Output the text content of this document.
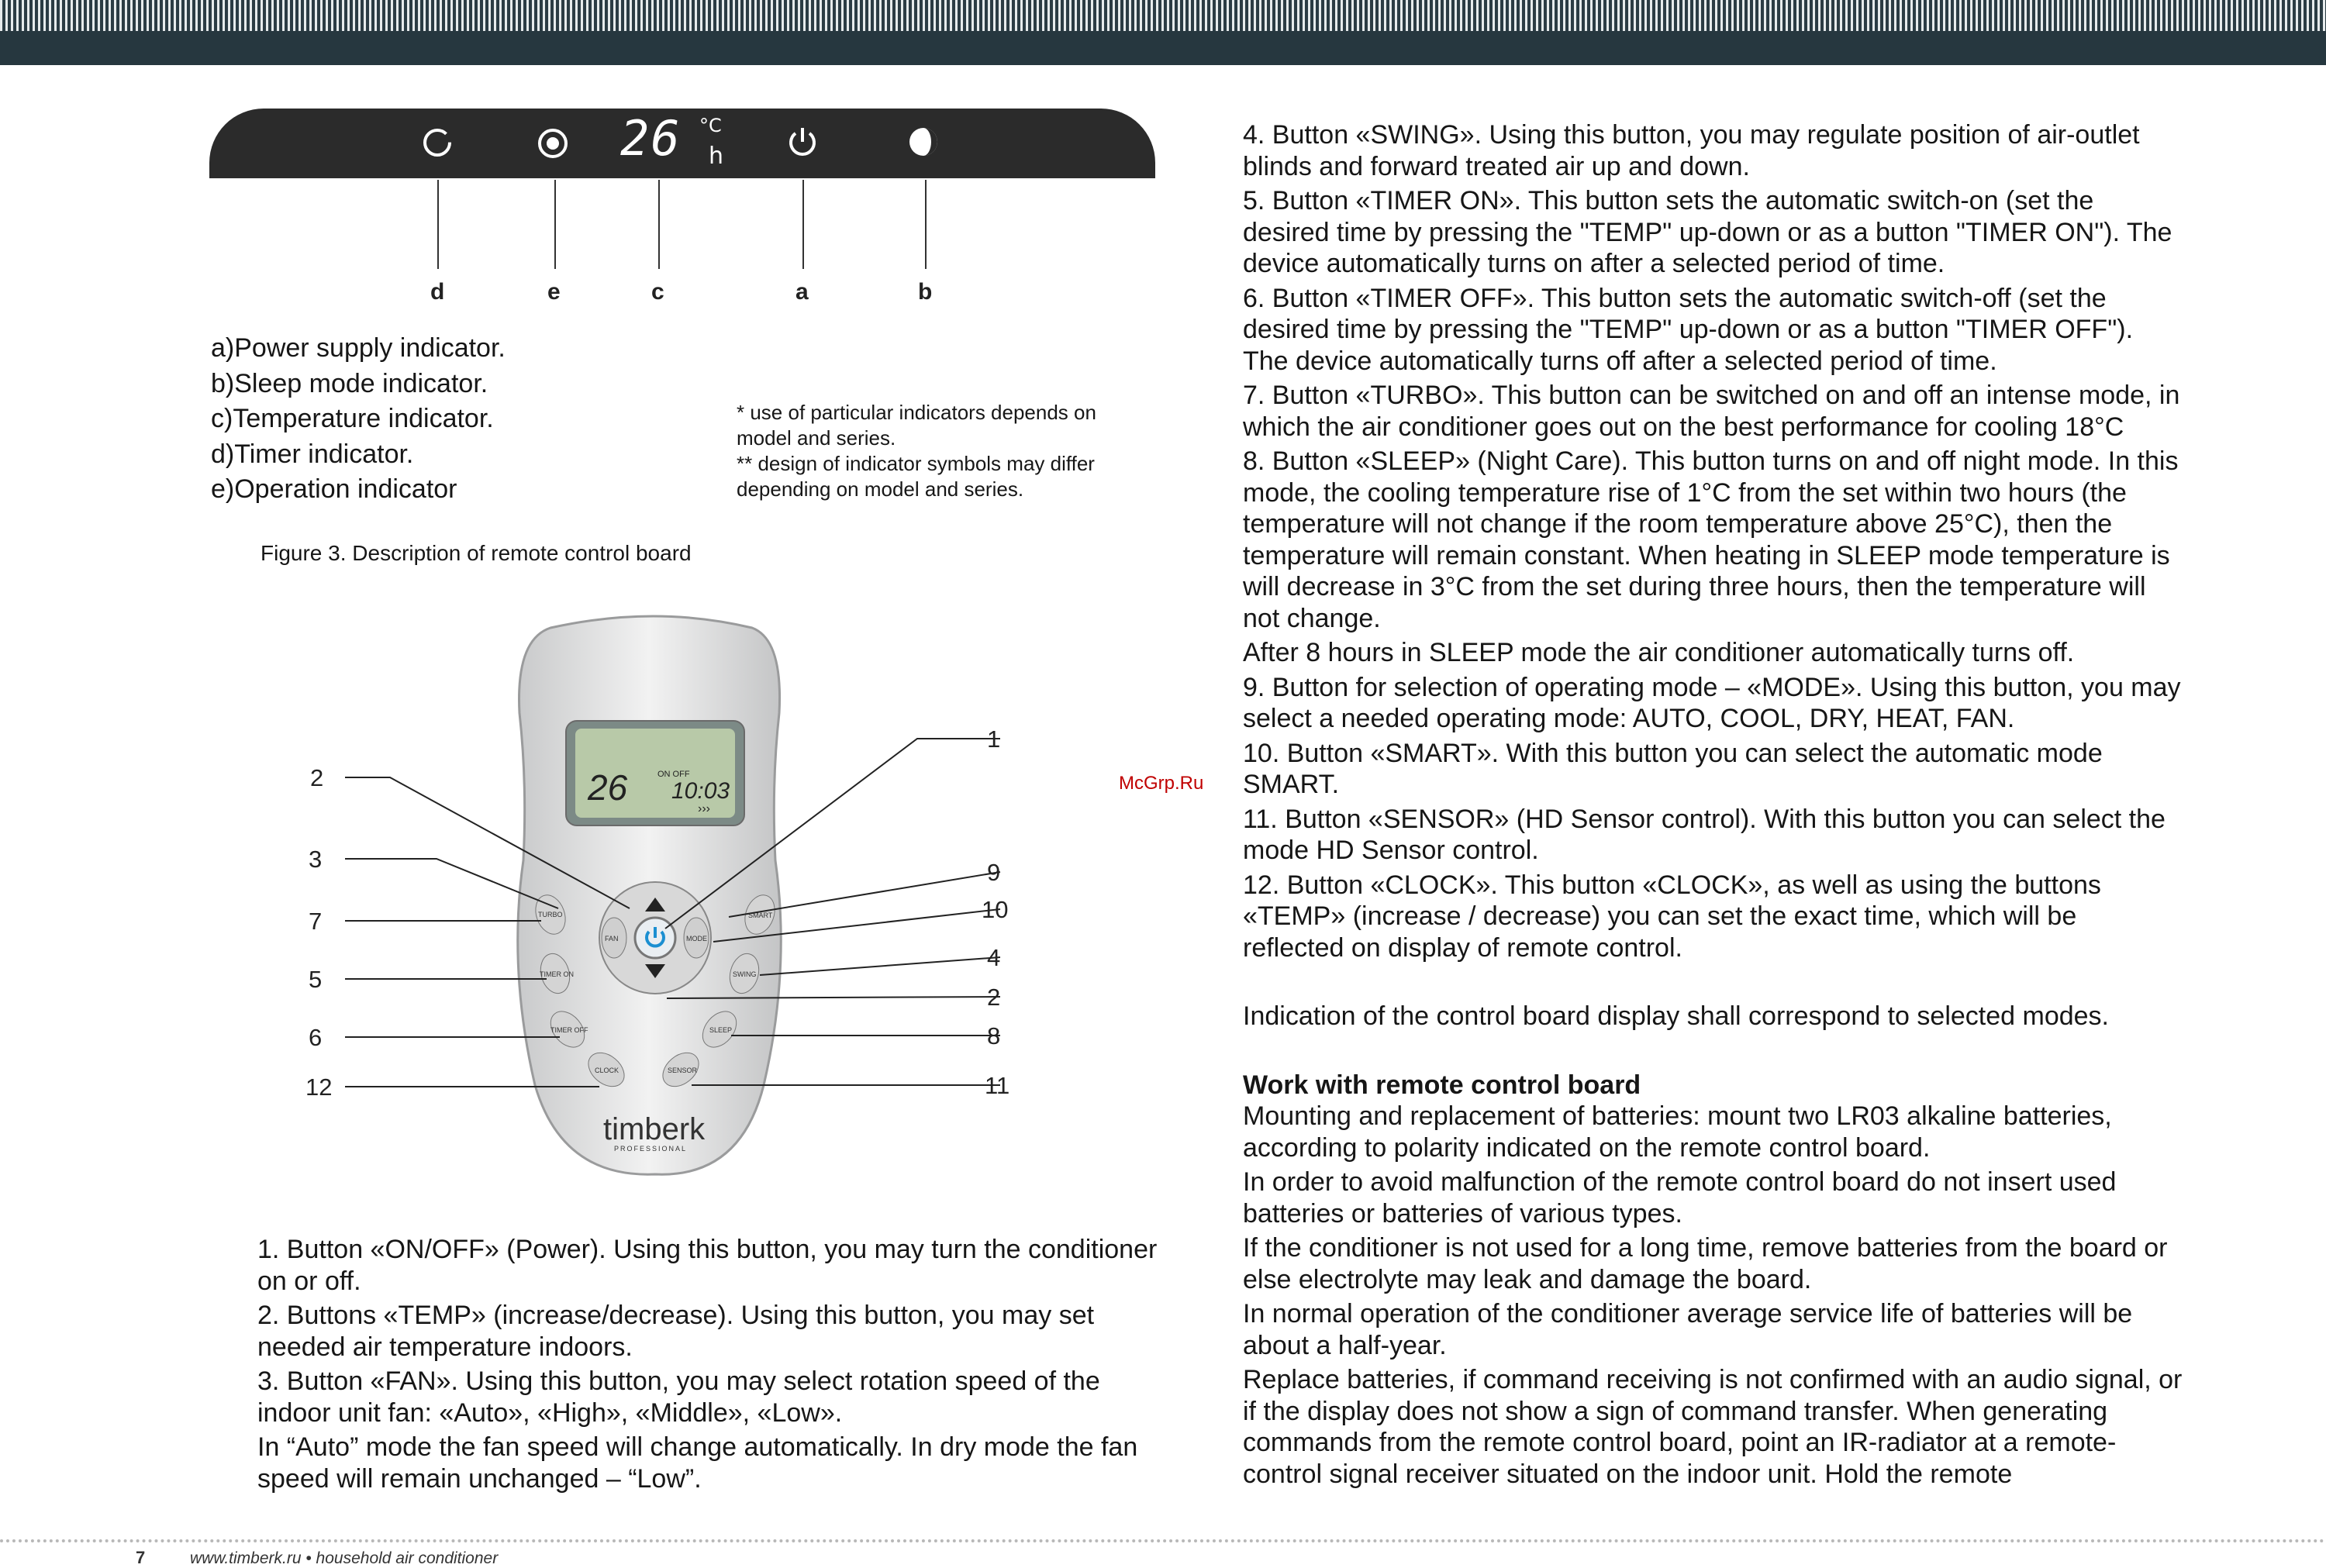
26 °C
h
d	e	c	a	b
a)Power supply indicator.
b)Sleep mode indicator.
c)Temperature indicator.
d)Timer indicator.
e)Operation indicator
* use of particular indicators depends on model and series.
** design of indicator symbols may differ depending on model and series.
Figure 3. Description of remote control board
26	ON OFF
10:03
›››
FAN	MODE
TURBO
TIMER ON
TIMER OFF
CLOCK	SENSOR
SLEEP
SWING
SMART
timberk
PROFESSIONAL
2
3
7
5
6
12
1
9
10
4
2
8
11
McGrp.Ru
1. Button «ON/OFF» (Power). Using this button, you may turn the conditioner on or off.
2. Buttons «TEMP» (increase/decrease). Using this button, you may set needed air temperature indoors.
3. Button «FAN». Using this button, you may select rotation speed of the indoor unit fan: «Auto», «High», «Middle», «Low».
In “Auto” mode the fan speed will change automatically. In dry mode the fan speed will remain unchanged – “Low”.
4. Button «SWING». Using this button, you may regulate position of air-outlet blinds and forward treated air up and down.
5. Button «TIMER ON». This button sets the automatic switch-on (set the desired time by pressing the "TEMP" up-down or as a button "TIMER ON"). The device automatically turns on after a selected period of time.
6. Button «TIMER OFF». This button sets the automatic switch-off (set the desired time by pressing the "TEMP" up-down or as a button "TIMER OFF"). The device automatically turns off after a selected period of time.
7. Button «TURBO». This button can be switched on and off an intense mode, in which the air conditioner goes out on the best performance for cooling 18°C
8. Button «SLEEP» (Night Care). This button turns on and off night mode. In this mode, the cooling temperature rise of 1°C from the set within two hours (the temperature will not change if the room temperature above 25°C), then the temperature will remain constant. When heating in SLEEP mode temperature is will decrease in 3°C from the set during three hours, then the temperature will not change.
After 8 hours in SLEEP mode the air conditioner automatically turns off.
9. Button for selection of operating mode – «MODE». Using this button, you may select a needed operating mode: AUTO, COOL, DRY, HEAT, FAN.
10. Button «SMART». With this button you can select the automatic mode SMART.
11. Button «SENSOR» (HD Sensor control). With this button you can select the mode HD Sensor control.
12. Button «CLOCK». This button «CLOCK», as well as using the buttons «TEMP» (increase / decrease) you can set the exact time, which will be reflected on display of remote control.
Indication of the control board display shall correspond to selected modes.
Work with remote control board
Mounting and replacement of batteries: mount two LR03 alkaline batteries, according to polarity indicated on the remote control board.
In order to avoid malfunction of the remote control board do not insert used batteries or batteries of various types.
If the conditioner is not used for a long time, remove batteries from the board or else electrolyte may leak and damage the board.
In normal operation of the conditioner average service life of batteries will be about a half-year.
Replace batteries, if command receiving is not confirmed with an audio signal, or if the display does not show a sign of command transfer. When generating commands from the remote control board, point an IR-radiator at a remote-control signal receiver situated on the indoor unit. Hold the remote
7	www.timberk.ru • household air conditioner
